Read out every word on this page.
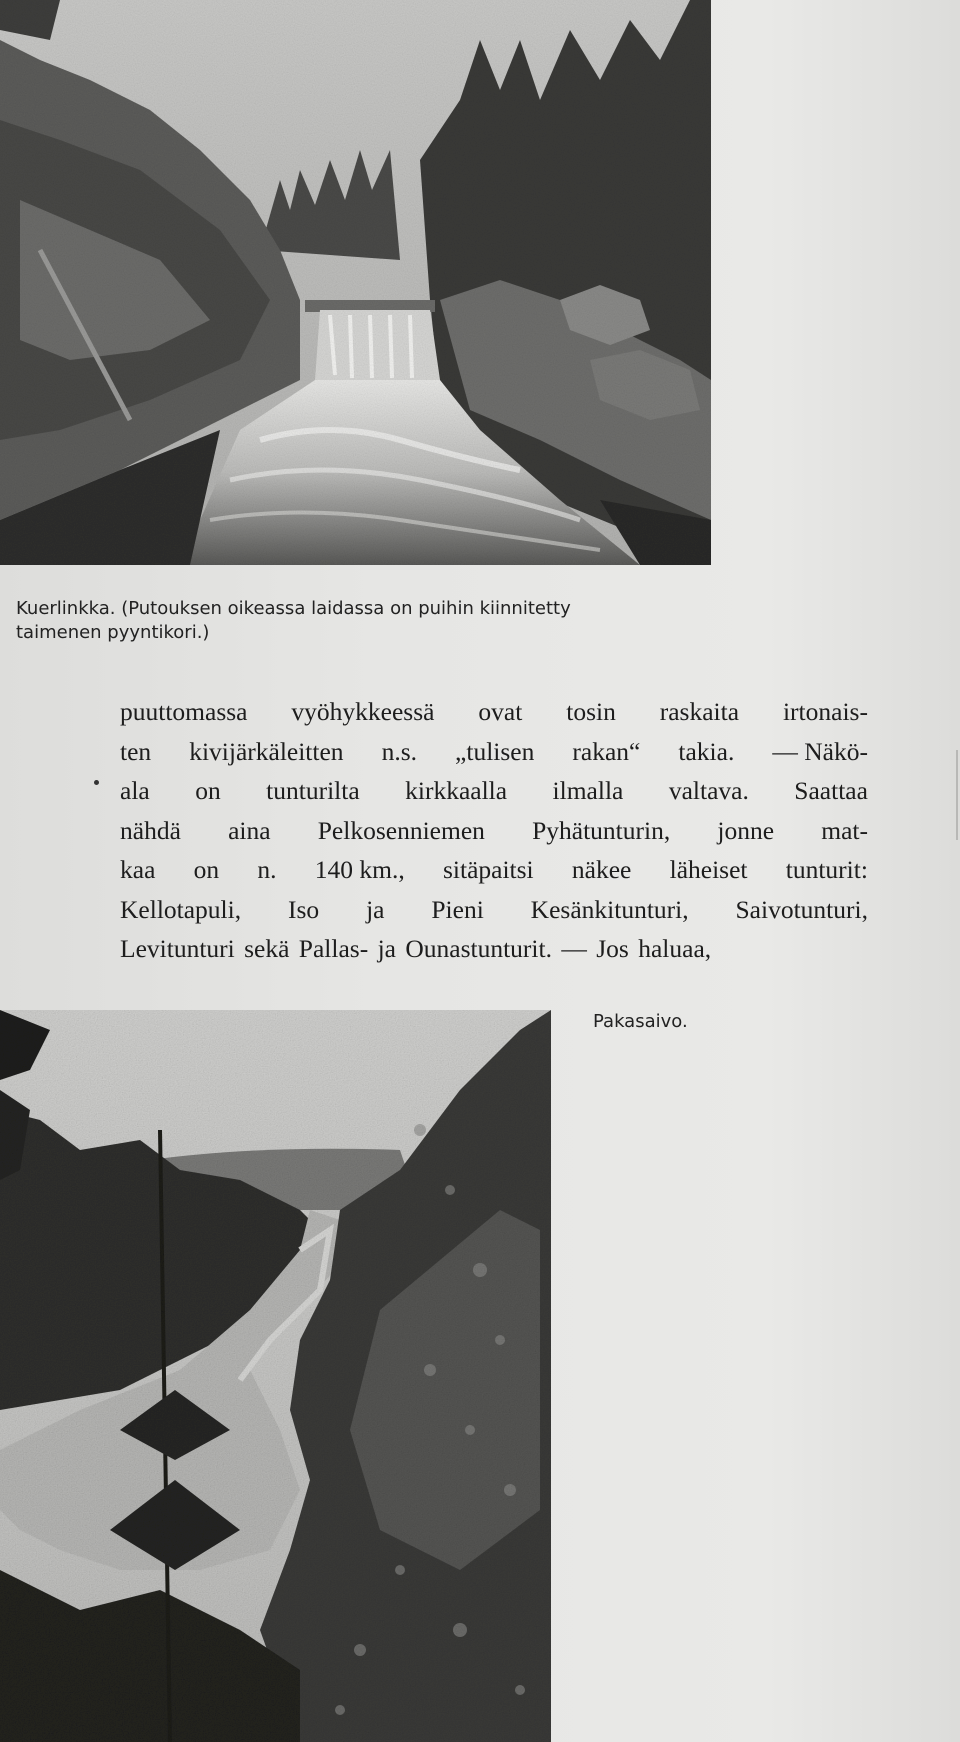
Kuerlinkka. (Putouksen oikeassa laidassa on puihin kiinnitetty
taimenen pyyntikori.)
puuttomassa vyöhykkeessä ovat tosin raskaita irtonais-
ten kivijärkäleitten n.s. „tulisen rakan“ takia. — Näkö-
ala on tunturilta kirkkaalla ilmalla valtava. Saattaa
nähdä aina Pelkosenniemen Pyhätunturin, jonne mat-
kaa on n. 140 km., sitäpaitsi näkee läheiset tunturit:
Kellotapuli, Iso ja Pieni Kesänkitunturi, Saivotunturi,
Levitunturi
sekä
Pallas-
ja
Ounastunturit.
—
Jos
haluaa,
Pakasaivo.
